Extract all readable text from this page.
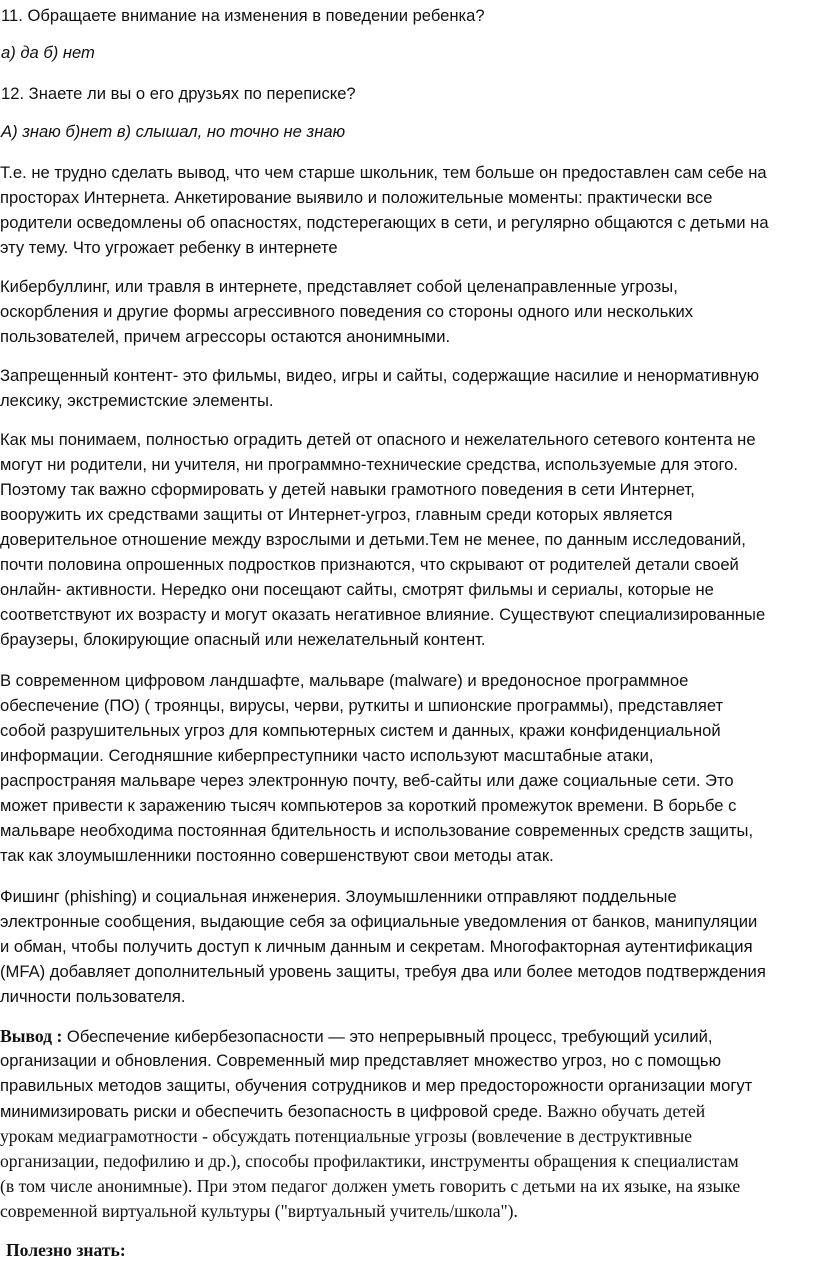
11. Обращаете внимание на изменения в поведении ребенка?

а) да б) нет

12. Знаете ли вы о его друзьях по переписке?

А) знаю б)нет в) слышал, но точно не знаю

Т.е. не трудно сделать вывод, что чем старше школьник, тем больше он предоставлен сам себе на

просторах Интернета. Анкетирование выявило и положительные моменты: практически все

родители осведомлены об опасностях, подстерегающих в сети, и регулярно общаются с детьми на

эту тему. Что угрожает ребенку в интернете

Кибербуллинг, или травля в интернете, представляет собой целенаправленные угрозы,

оскорбления и другие формы агрессивного поведения со стороны одного или нескольких

пользователей, причем агрессоры остаются анонимными.

Запрещенный контент- это фильмы, видео, игры и сайты, содержащие насилие и ненормативную

лексику, экстремистские элементы.

Как мы понимаем, полностью оградить детей от опасного и нежелательного сетевого контента не

могут ни родители, ни учителя, ни программно-технические средства, используемые для этого.

Поэтому так важно сформировать у детей навыки грамотного поведения в сети Интернет,

вооружить их средствами защиты от Интернет-угроз, главным среди которых является

доверительное отношение между взрослыми и детьми.Тем не менее, по данным исследований,

почти половина опрошенных подростков признаются, что скрывают от родителей детали своей

онлайн- активности. Нередко они посещают сайты, смотрят фильмы и сериалы, которые не

соответствуют их возрасту и могут оказать негативное влияние. Существуют специализированные

браузеры, блокирующие опасный или нежелательный контент.

В современном цифровом ландшафте, мальваре (malware) и вредоносное программное

обеспечение (ПО) ( троянцы, вирусы, черви, руткиты и шпионские программы), представляет

собой разрушительных угроз для компьютерных систем и данных, кражи конфиденциальной

информации. Сегодняшние киберпреступники часто используют масштабные атаки,

распространяя мальваре через электронную почту, веб-сайты или даже социальные сети. Это

может привести к заражению тысяч компьютеров за короткий промежуток времени. В борьбе с

мальваре необходима постоянная бдительность и использование современных средств защиты,

так как злоумышленники постоянно совершенствуют свои методы атак.

Фишинг (phishing) и социальная инженерия. Злоумышленники отправляют поддельные

электронные сообщения, выдающие себя за официальные уведомления от банков, манипуляции

и обман, чтобы получить доступ к личным данным и секретам. Многофакторная аутентификация

(MFA) добавляет дополнительный уровень защиты, требуя два или более методов подтверждения

личности пользователя.

Вывод : Обеспечение кибербезопасности — это непрерывный процесс, требующий усилий,

организации и обновления. Современный мир представляет множество угроз, но с помощью

правильных методов защиты, обучения сотрудников и мер предосторожности организации могут

минимизировать риски и обеспечить безопасность в цифровой среде. Важно обучать детей

урокам медиаграмотности - обсуждать потенциальные угрозы (вовлечение в деструктивные

организации, педофилию и др.), способы профилактики, инструменты обращения к специалистам

(в том числе анонимные). При этом педагог должен уметь говорить с детьми на их языке, на языке

современной виртуальной культуры ("виртуальный учитель/школа").

Полезно знать:
